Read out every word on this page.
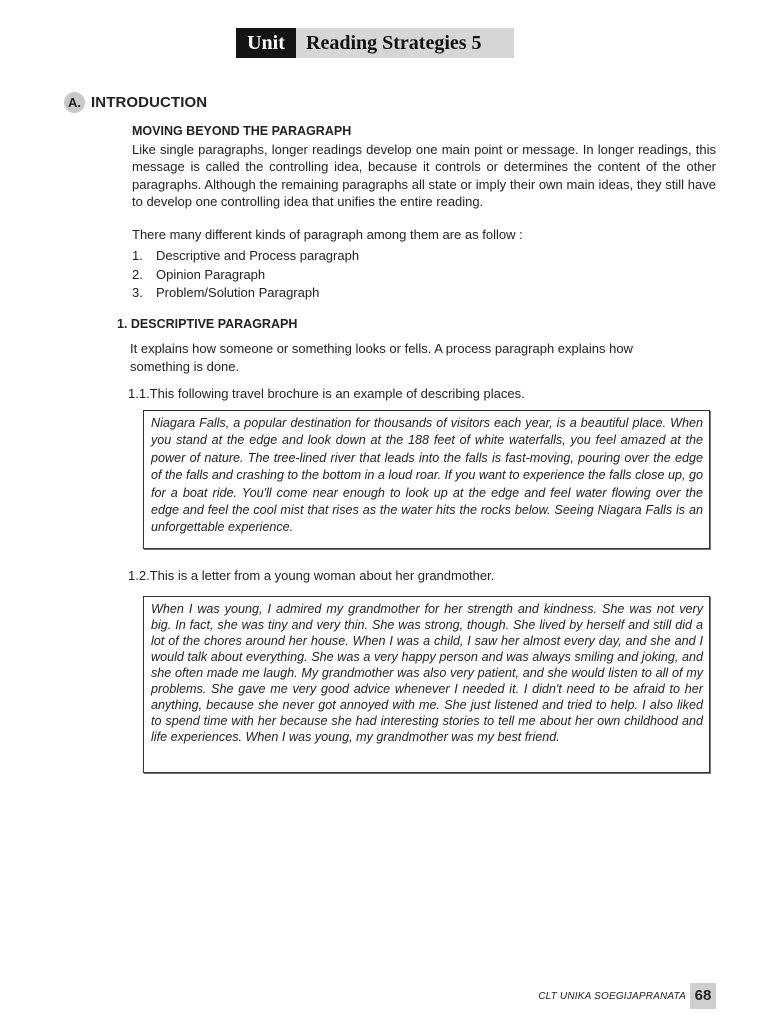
Unit 8
Reading Strategies 5
A. INTRODUCTION
MOVING BEYOND THE PARAGRAPH
Like single paragraphs, longer readings develop one main point or message. In longer readings, this message is called the controlling idea, because it controls or determines the content of the other paragraphs. Although the remaining paragraphs all state or imply their own main ideas, they still have to develop one controlling idea that unifies the entire reading.
There many different kinds of paragraph among them are as follow :
1.	Descriptive and Process paragraph
2.	Opinion Paragraph
3.	Problem/Solution Paragraph
1. DESCRIPTIVE PARAGRAPH
It explains how someone or something looks or fells. A process paragraph explains how something is done.
1.1.This following travel brochure is an example of describing places.
Niagara Falls, a popular destination for thousands of visitors each year, is a beautiful place. When you stand at the edge and look down at the 188 feet of white waterfalls, you feel amazed at the power of nature. The tree-lined river that leads into the falls is fast-moving, pouring over the edge of the falls and crashing to the bottom in a loud roar. If you want to experience the falls close up, go for a boat ride. You'll come near enough to look up at the edge and feel water flowing over the edge and feel the cool mist that rises as the water hits the rocks below. Seeing Niagara Falls is an unforgettable experience.
1.2.This is a letter from a young woman about her grandmother.
When I was young, I admired my grandmother for her strength and kindness. She was not very big. In fact, she was tiny and very thin. She was strong, though. She lived by herself and still did a lot of the chores around her house. When I was a child, I saw her almost every day, and she and I would talk about everything. She was a very happy person and was always smiling and joking, and she often made me laugh. My grandmother was also very patient, and she would listen to all of my problems. She gave me very good advice whenever I needed it. I didn't need to be afraid to her anything, because she never got annoyed with me. She just listened and tried to help. I also liked to spend time with her because she had interesting stories to tell me about her own childhood and life experiences. When I was young, my grandmother was my best friend.
CLT UNIKA SOEGIJAPRANATA 68
